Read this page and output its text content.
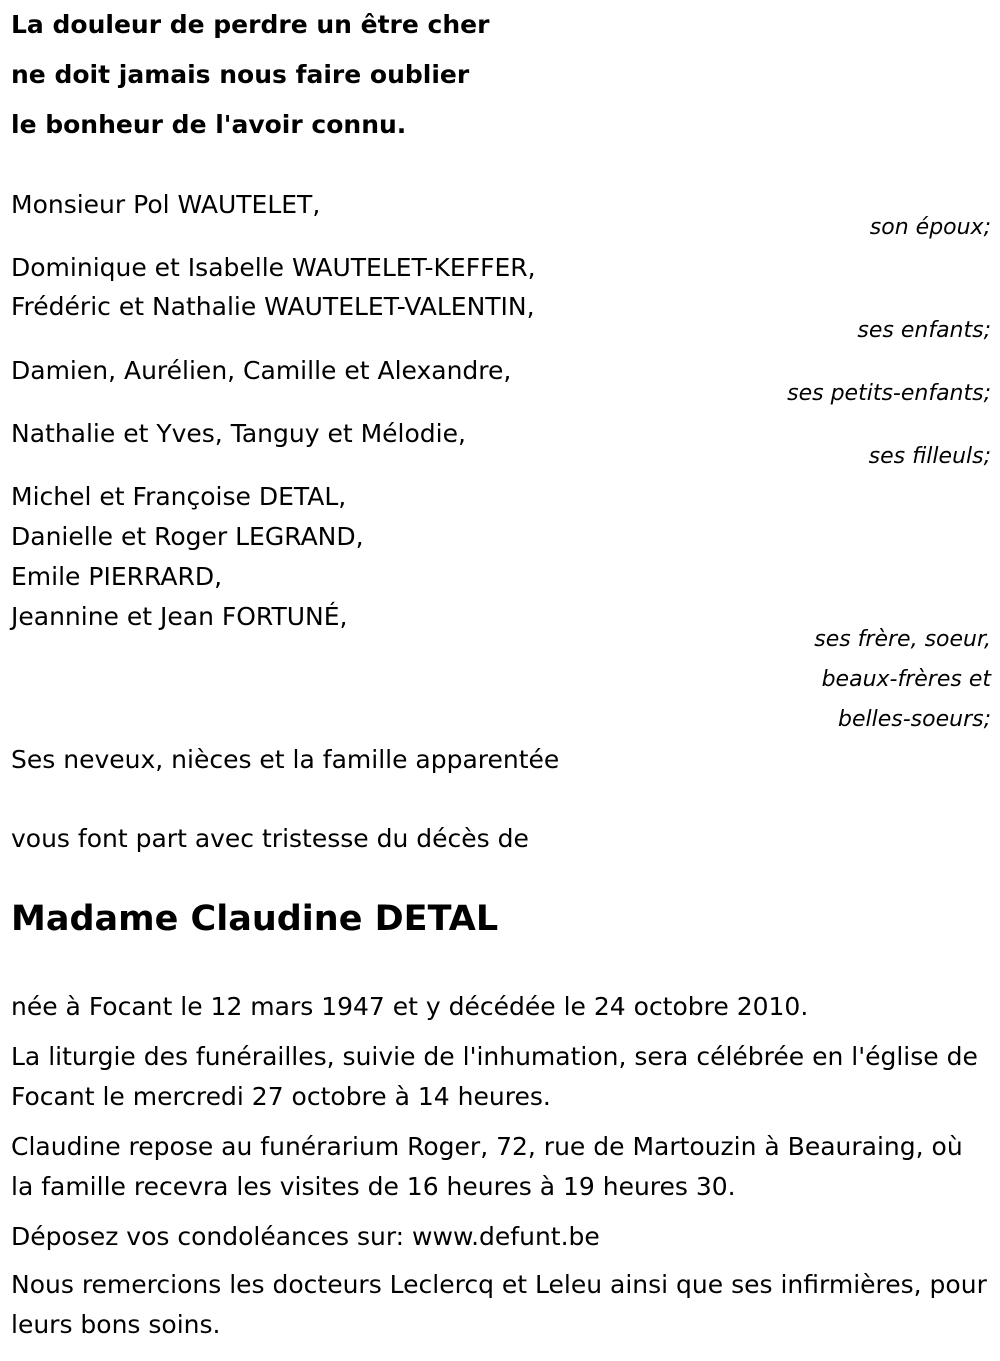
La douleur de perdre un être cher
ne doit jamais nous faire oublier
le bonheur de l'avoir connu.
Monsieur Pol WAUTELET,
son époux;
Dominique et Isabelle WAUTELET-KEFFER,
Frédéric et Nathalie WAUTELET-VALENTIN,
ses enfants;
Damien, Aurélien, Camille et Alexandre,
ses petits-enfants;
Nathalie et Yves, Tanguy et Mélodie,
ses filleuls;
Michel et Françoise DETAL,
Danielle et Roger LEGRAND,
Emile PIERRARD,
Jeannine et Jean FORTUNÉ,
ses frère, soeur,
beaux-frères et
belles-soeurs;
Ses neveux, nièces et la famille apparentée
vous font part avec tristesse du décès de
Madame Claudine DETAL
née à Focant le 12 mars 1947 et y décédée le 24 octobre 2010.
La liturgie des funérailles, suivie de l'inhumation, sera célébrée en l'église de Focant le mercredi 27 octobre à 14 heures.
Claudine repose au funérarium Roger, 72, rue de Martouzin à Beauraing, où la famille recevra les visites de 16 heures à 19 heures 30.
Déposez vos condoléances sur: www.defunt.be
Nous remercions les docteurs Leclercq et Leleu ainsi que ses infirmières, pour leurs bons soins.
